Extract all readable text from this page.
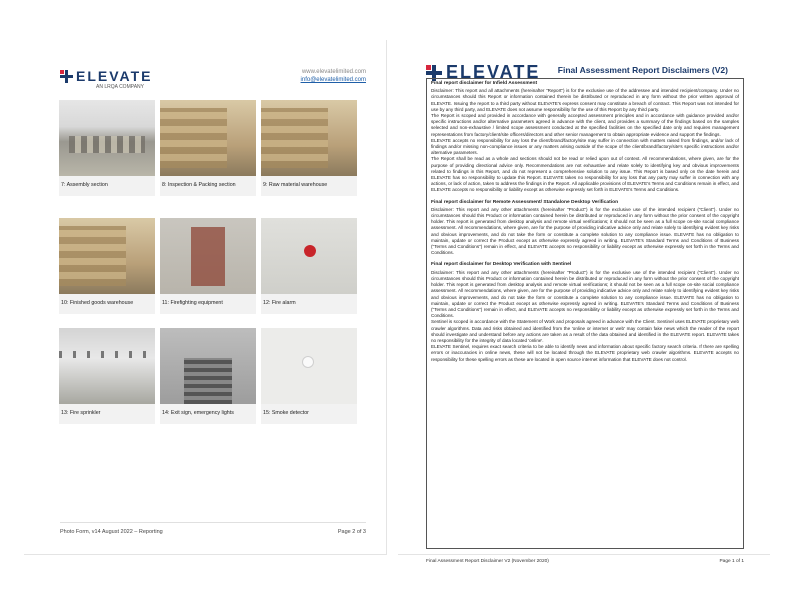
ELEVATE
AN LRQA COMPANY
www.elevatelimited.com
info@elevatelimited.com
7: Assembly section	8: Inspection & Packing section	9: Raw material warehouse
10: Finished goods warehouse	11: Firefighting equipment	12: Fire alarm
13: Fire sprinkler	14: Exit sign, emergency lights	15: Smoke detector
Photo Form, v14 August 2022 – Reporting	Page 2 of 3
ELEVATE Final Assessment Report Disclaimers (V2)
Final report disclaimer for Infield Assessment

Disclaimer: This report and all attachments (hereinafter "Report") is for the exclusive use of the addressee and intended recipient/company. Under no circumstances should this Report or information contained therein be distributed or reproduced in any form without the prior written approval of ELEVATE. Issuing the report to a third party without ELEVATE's express consent may constitute a breach of contract. This Report was not intended for use by any third party, and ELEVATE does not assume responsibility for the use of this Report by any third party.

The Report is scoped and provided in accordance with generally accepted assessment principles and in accordance with guidance provided and/or specific instructions and/or alternative parameters agreed in advance with the client, and provides a summary of the findings based on the samples selected and non-exhaustive / limited scope assessment conducted at the specified facilities on the specified date only and requires management representations from factory/client/site officers/directors and other senior management to obtain appropriate evidence and support the findings.

ELEVATE accepts no responsibility for any loss the client/brand/factory/site may suffer in connection with matters raised from findings, and/or lack of findings and/or missing non-compliance issues or any matters arising outside of the scope of the client/brand/factory/site's specific instructions and/or alternative parameters.

The Report shall be read as a whole and sections should not be read or relied upon out of context. All recommendations, where given, are for the purpose of providing directional advice only. Recommendations are not exhaustive and relate solely to identifying key and obvious improvements related to findings in this Report, and do not represent a comprehensive solution to any issue. This Report is based only on the date herein and ELEVATE has no responsibility to update this Report. ELEVATE takes no responsibility for any loss that any party may suffer in connection with any actions, or lack of action, taken to address the findings in the Report. All applicable provisions of ELEVATE's Terms and Conditions remain in effect, and ELEVATE accepts no responsibility or liability except as otherwise expressly set forth in ELEVATE's Terms and Conditions.

Final report disclaimer for Remote Assessment/ Standalone Desktop Verification

Disclaimer: This report and any other attachments (hereinafter "Product") is for the exclusive use of the intended recipient ("Client"). Under no circumstances should this Product or information contained herein be distributed or reproduced in any form without the prior consent of the copyright holder. This report is generated from desktop analysis and remote virtual verifications; it should not be seen as a full scope on-site social compliance assessment. All recommendations, where given, are for the purpose of providing indicative advice only and relate solely to identifying evident key risks and obvious improvements, and do not take the form or constitute a complete solution to any compliance issue. ELEVATE has no obligation to maintain, update or correct the Product except as otherwise expressly agreed in writing. ELEVATE's Standard Terms and Conditions of Business ("Terms and Conditions") remain in effect, and ELEVATE accepts no responsibility or liability except as otherwise expressly set forth in the Terms and Conditions.

Final report disclaimer for Desktop Verification with Sentinel

Disclaimer: This report and any other attachments (hereinafter "Product") is for the exclusive use of the intended recipient ("Client"). Under no circumstances should this Product or information contained herein be distributed or reproduced in any form without the prior consent of the copyright holder. This report is generated from desktop analysis and remote virtual verifications; it should not be seen as a full scope on-site social compliance assessment. All recommendations, where given, are for the purpose of providing indicative advice only and relate solely to identifying evident key risks and obvious improvements, and do not take the form or constitute a complete solution to any compliance issue. ELEVATE has no obligation to maintain, update or correct the Product except as otherwise expressly agreed in writing. ELEVATE's Standard Terms and Conditions of Business ("Terms and Conditions") remain in effect, and ELEVATE accepts no responsibility or liability except as otherwise expressly set forth in the Terms and Conditions.

Sentinel is scoped in accordance with the Statement of Work and proposals agreed in advance with the Client. Sentinel uses ELEVATE proprietary web crawler algorithms. Data and risks obtained and identified from the 'online or internet or web' may contain fake news which the reader of the report should investigate and understand before any actions are taken as a result of the data obtained and identified in the ELEVATE report. ELEVATE takes no responsibility for the integrity of data located 'online'.

ELEVATE Sentinel, requires exact search criteria to be able to identify news and information about specific factory search criteria. If there are spelling errors or inaccuracies in online news, these will not be located through the ELEVATE proprietary web crawler algorithms. ELEVATE accepts no responsibility for these spelling errors as these are located in open source internet information that ELEVATE does not control.

Final Assessment Report Disclaimer V2 (November 2020)	Page 1 of 1
